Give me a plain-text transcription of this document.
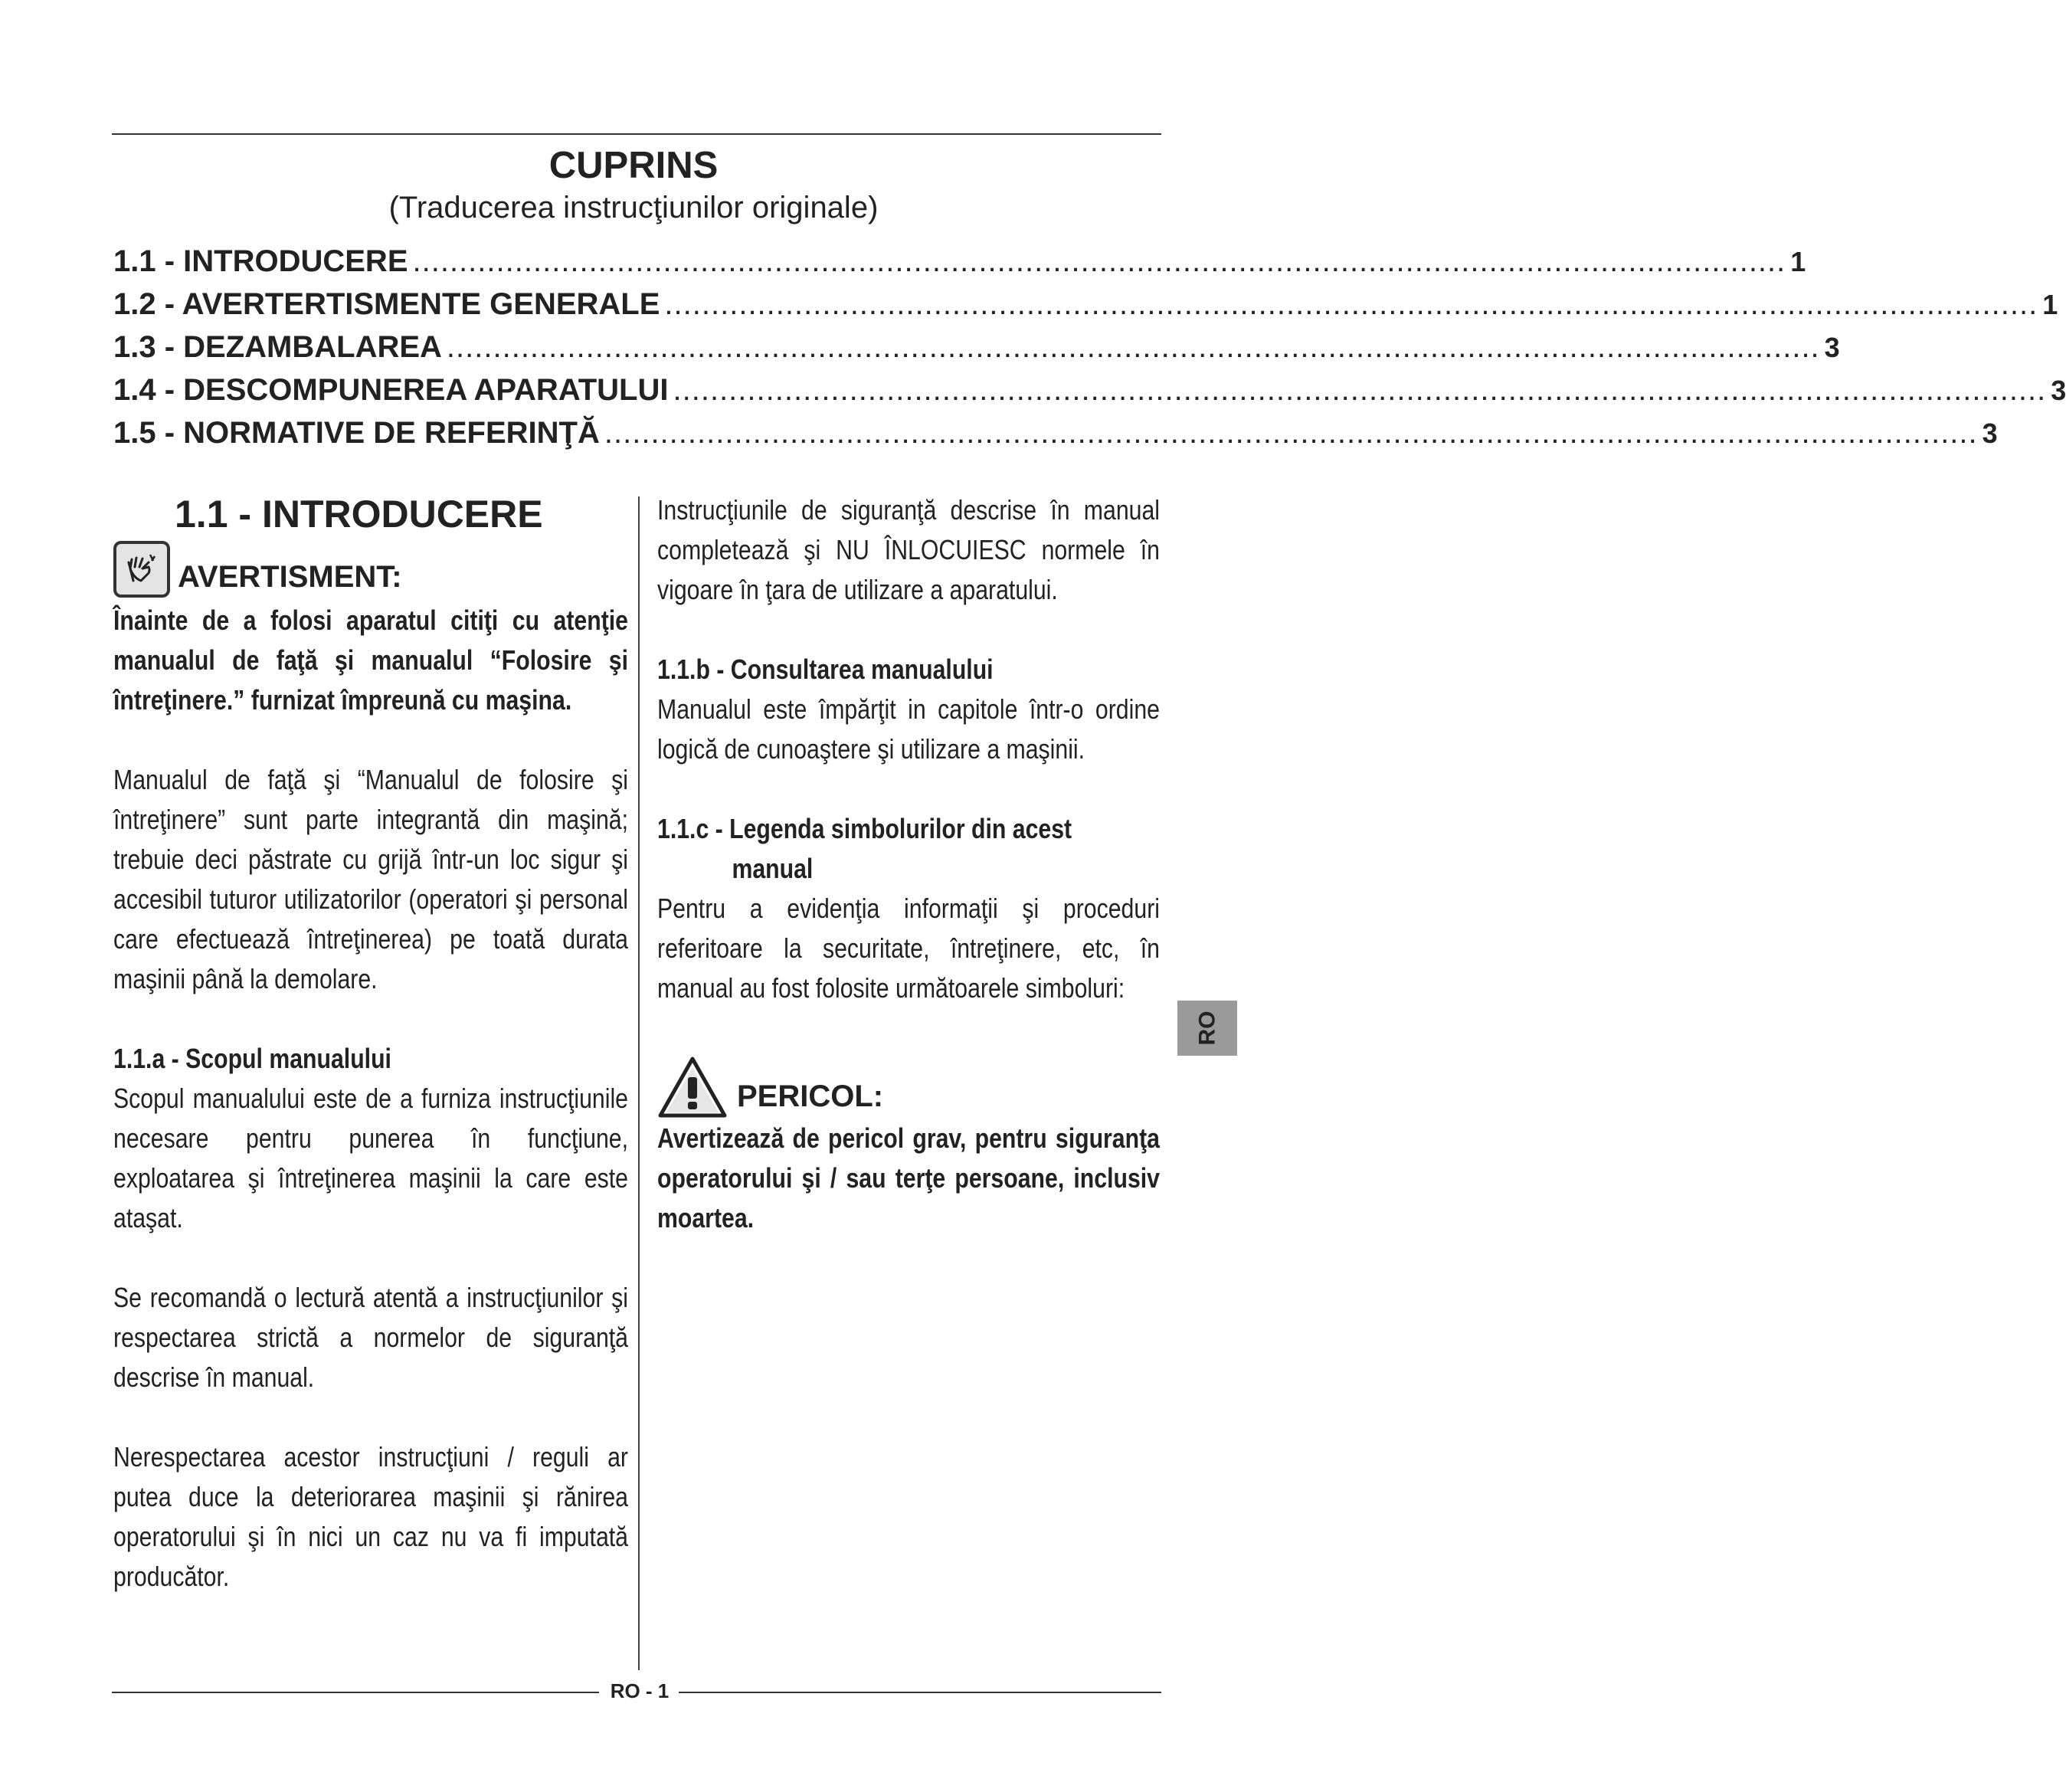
CUPRINS
(Traducerea instrucţiunilor originale)
1.1 - INTRODUCERE .................................................................................................................................................... 1
1.2 - AVERTERTISMENTE GENERALE .................................................................................................................................................... 1
1.3 - DEZAMBALAREA .................................................................................................................................................... 3
1.4 - DESCOMPUNEREA APARATULUI .................................................................................................................................................... 3
1.5 - NORMATIVE DE REFERINŢĂ .................................................................................................................................................... 3
1.1 - INTRODUCERE
AVERTISMENT:

Înainte de a folosi aparatul citiţi cu atenţie manualul de faţă şi manualul “Folosire şi întreţinere.” furnizat împreună cu maşina.

Manualul de faţă şi “Manualul de folosire şi întreţinere” sunt parte integrantă din maşină; trebuie deci păstrate cu grijă într-un loc sigur şi accesibil tuturor utilizatorilor (operatori şi personal care efectuează întreţinerea) pe toată durata maşinii până la demolare.

1.1.a - Scopul manualului

Scopul manualului este de a furniza instrucţiunile necesare pentru punerea în funcţiune, exploatarea şi întreţinerea maşinii la care este ataşat.

Se recomandă o lectură atentă a instrucţiunilor şi respectarea strictă a normelor de siguranţă descrise în manual.

Nerespectarea acestor instrucţiuni / reguli ar putea duce la deteriorarea maşinii şi rănirea operatorului şi în nici un caz nu va fi imputată producător.

Instrucţiunile de siguranţă descrise în manual completează şi NU ÎNLOCUIESC normele în vigoare în ţara de utilizare a aparatului.

1.1.b - Consultarea manualului

Manualul este împărţit in capitole într-o ordine logică de cunoaştere şi utilizare a maşinii.

1.1.c - Legenda simbolurilor din acest

manual

Pentru a evidenţia informaţii şi proceduri referitoare la securitate, întreţinere, etc, în manual au fost folosite următoarele simboluri:

PERICOL:

Avertizează de pericol grav, pentru siguranţa operatorului şi / sau terţe persoane, inclusiv moartea.

RO
RO - 1
